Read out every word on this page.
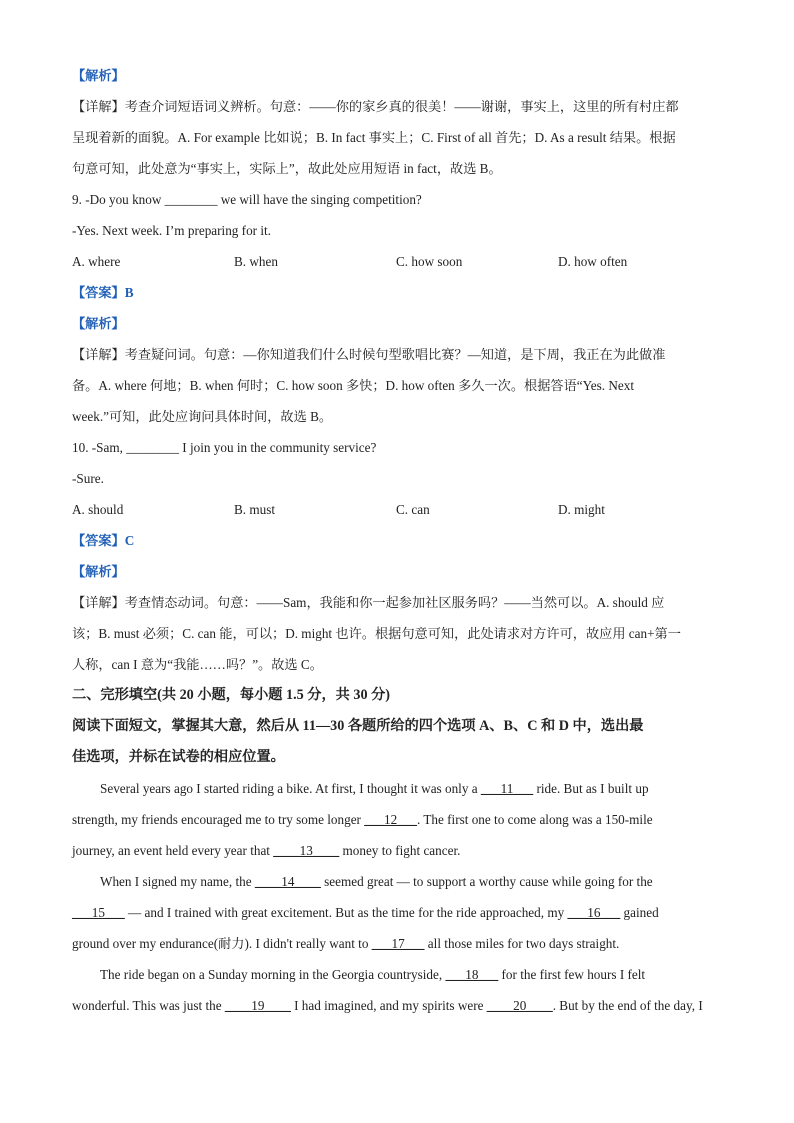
【解析】
【详解】考查介词短语词义辨析。句意：——你的家乡真的很美！——谢谢，事实上，这里的所有村庄都
呈现着新的面貌。A. For example 比如说；B. In fact 事实上；C. First of all 首先；D. As a result 结果。根据
句意可知，此处意为“事实上，实际上”，故此处应用短语 in fact，故选 B。
9. -Do you know ________ we will have the singing competition?
-Yes. Next week. I’m preparing for it.
A. where	B. when	C. how soon	D. how often
【答案】B
【解析】
【详解】考查疑问词。句意：—你知道我们什么时候句型歌唱比赛？—知道，是下周，我正在为此做准
备。A. where 何地；B. when 何时；C. how soon 多快；D. how often 多久一次。根据答语“Yes. Next
week.”可知，此处应询问具体时间，故选 B。
10. -Sam, ________ I join you in the community service?
-Sure.
A. should	B. must	C. can	D. might
【答案】C
【解析】
【详解】考查情态动词。句意：——Sam，我能和你一起参加社区服务吗？——当然可以。A. should 应
该；B. must 必须；C. can 能，可以；D. might 也许。根据句意可知，此处请求对方许可，故应用 can+第一
人称，can I 意为“我能……吗？”。故选 C。
二、完形填空(共 20 小题，每小题 1.5 分，共 30 分)
阅读下面短文，掌握其大意，然后从 11—30 各题所给的四个选项 A、B、C 和 D 中，选出最
佳选项，并标在试卷的相应位置。
Several years ago I started riding a bike. At first, I thought it was only a ___11___ ride. But as I built up
strength, my friends encouraged me to try some longer ___12___. The first one to come along was a 150-mile
journey, an event held every year that ____13____ money to fight cancer.
When I signed my name, the ____14____ seemed great — to support a worthy cause while going for the
___15___ — and I trained with great excitement. But as the time for the ride approached, my ___16___ gained
ground over my endurance(耐力). I didn't really want to ___17___ all those miles for two days straight.
The ride began on a Sunday morning in the Georgia countryside, ___18___ for the first few hours I felt
wonderful. This was just the ____19____ I had imagined, and my spirits were ____20____. But by the end of the day, I
